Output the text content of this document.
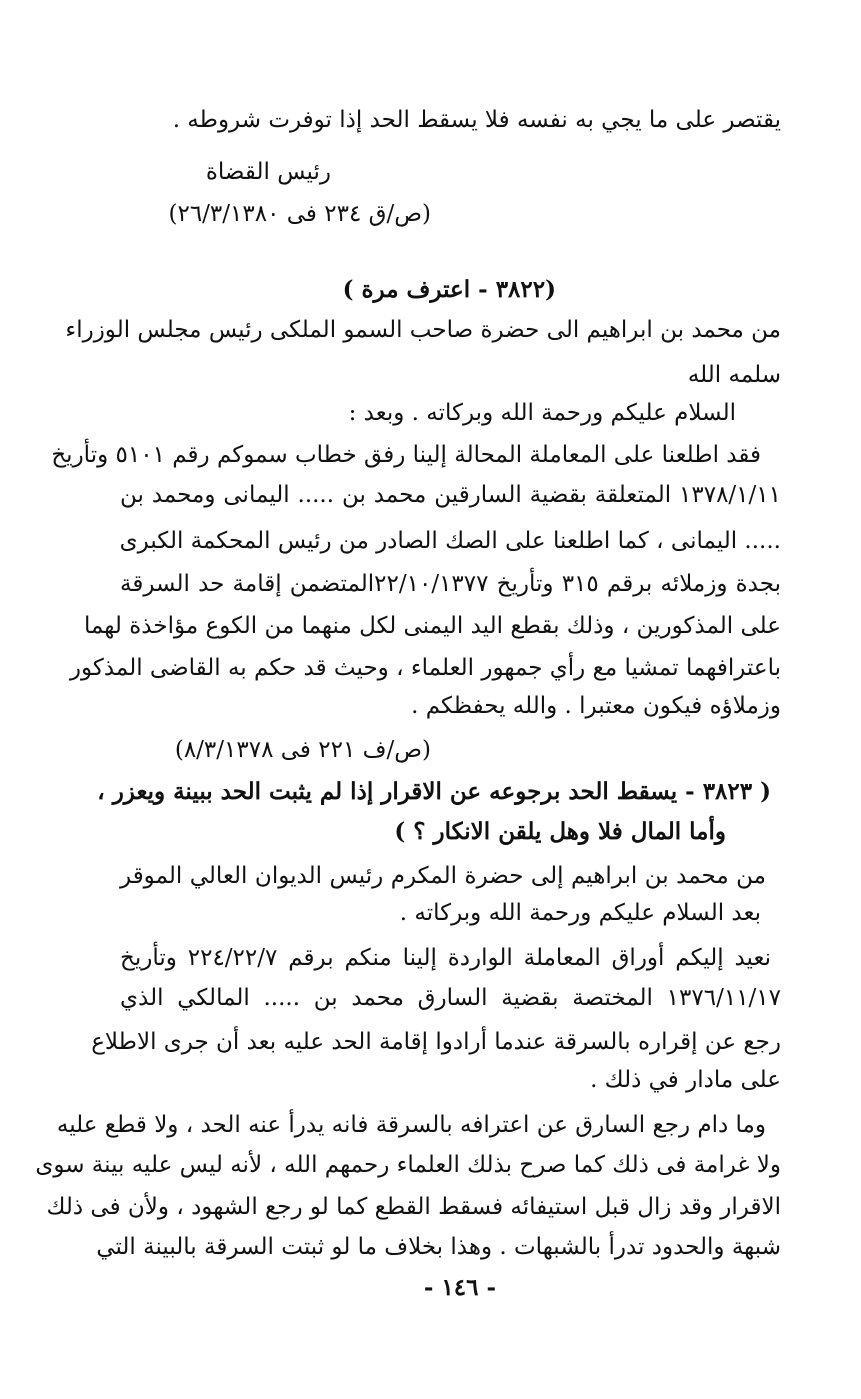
يقتصر على ما يجي به نفسه فلا يسقط الحد إذا توفرت شروطه .
رئيس القضاة
(ص/ق ٢٣٤ فى ٢٦/٣/١٣٨٠)
(٣٨٢٢ - اعترف مرة )
من محمد بن ابراهيم الى حضرة صاحب السمو الملكى رئيس مجلس الوزراء
سلمه الله
السلام عليكم ورحمة الله وبركاته . وبعد :
فقد اطلعنا على المعاملة المحالة إلينا رفق خطاب سموكم رقم ٥١٠١ وتأريخ
١٣٧٨/١/١١ المتعلقة بقضية السارقين محمد بن ..... اليمانى ومحمد بن
..... اليمانى ، كما اطلعنا على الصك الصادر من رئيس المحكمة الكبرى
بجدة وزملائه برقم ٣١٥ وتأريخ ٢٢/١٠/١٣٧٧المتضمن إقامة حد السرقة
على المذكورين ، وذلك بقطع اليد اليمنى لكل منهما من الكوع مؤاخذة لهما
باعترافهما تمشيا مع رأي جمهور العلماء ، وحيث قد حكم به القاضى المذكور
وزملاؤه فيكون معتبرا . والله يحفظكم .
(ص/ف ٢٢١ فى ٨/٣/١٣٧٨)
( ٣٨٢٣ - يسقط الحد برجوعه عن الاقرار إذا لم يثبت الحد ببينة ويعزر ،
وأما المال فلا وهل يلقن الانكار ؟ )
من محمد بن ابراهيم إلى حضرة المكرم رئيس الديوان العالي الموقر
بعد السلام عليكم ورحمة الله وبركاته .
نعيد إليكم أوراق المعاملة الواردة إلينا منكم برقم ٢٢٤/٢٢/٧ وتأريخ
١٣٧٦/١١/١٧ المختصة بقضية السارق محمد بن ..... المالكي الذي
رجع عن إقراره بالسرقة عندما أرادوا إقامة الحد عليه بعد أن جرى الاطلاع
على مادار في ذلك .
وما دام رجع السارق عن اعترافه بالسرقة فانه يدرأ عنه الحد ، ولا قطع عليه
ولا غرامة فى ذلك كما صرح بذلك العلماء رحمهم الله ، لأنه ليس عليه بينة سوى
الاقرار وقد زال قبل استيفائه فسقط القطع كما لو رجع الشهود ، ولأن فى ذلك
شبهة والحدود تدرأ بالشبهات . وهذا بخلاف ما لو ثبتت السرقة بالبينة التي
- ١٤٦ -
